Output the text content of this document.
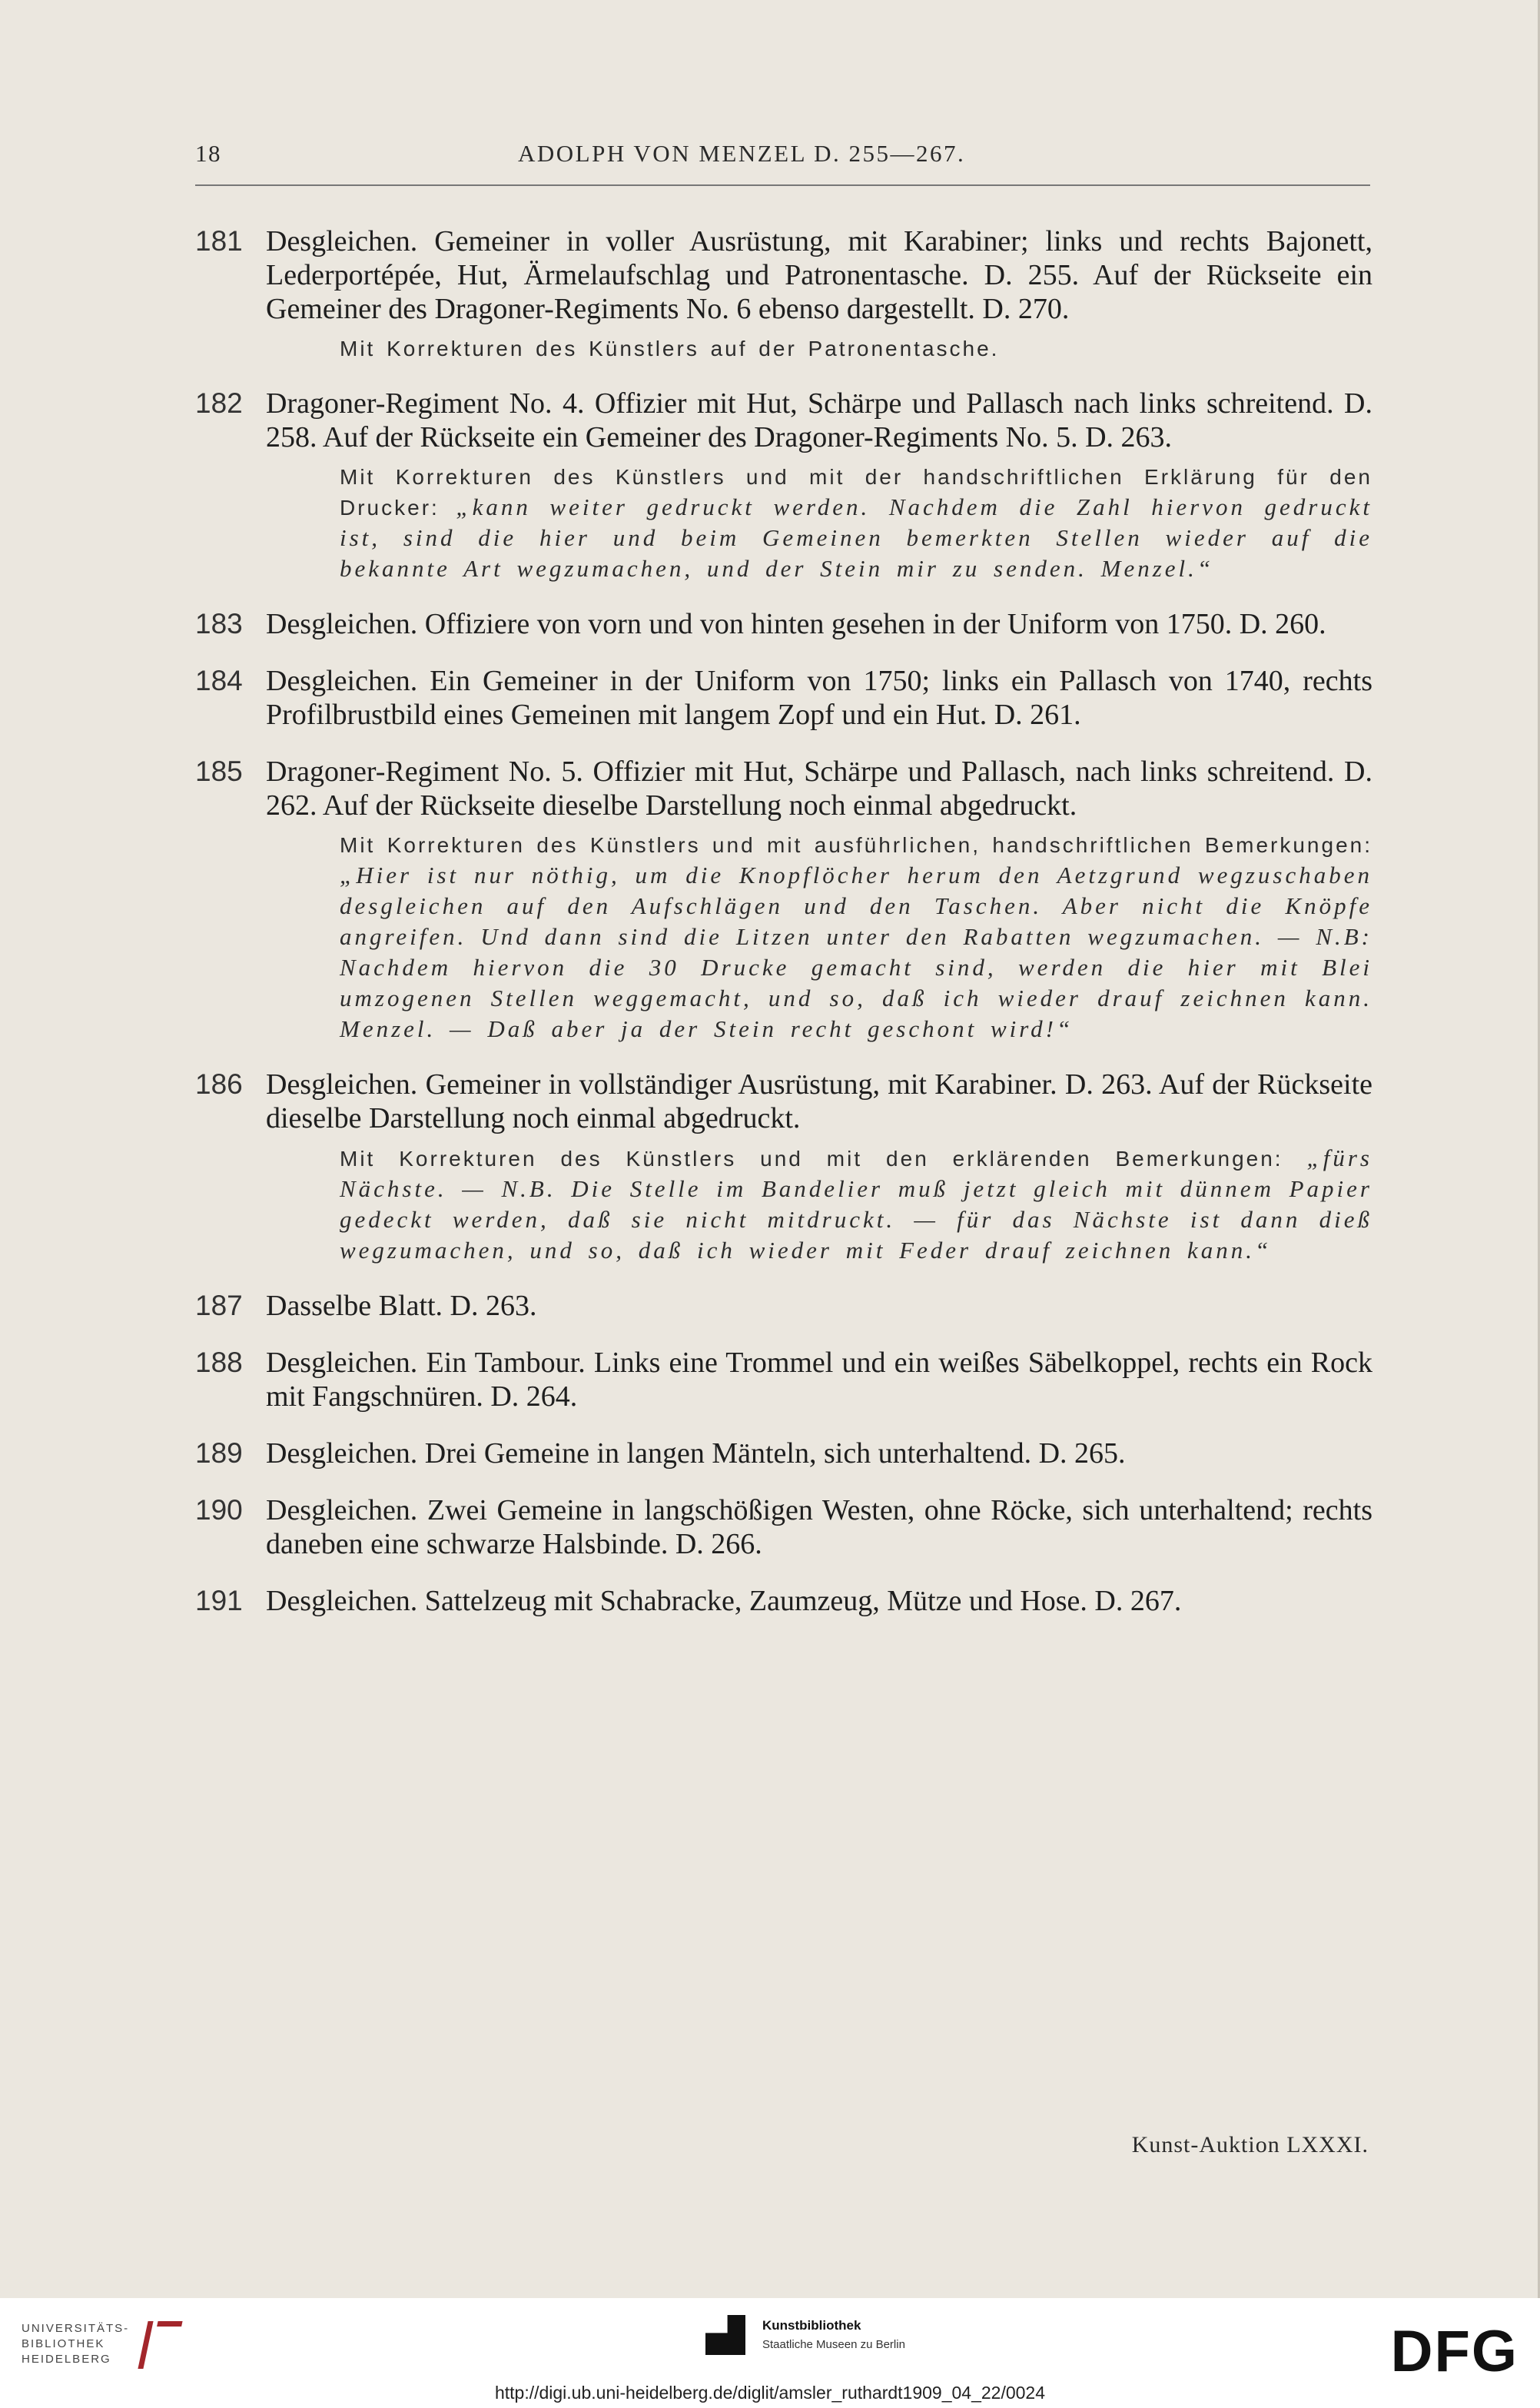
18	ADOLPH VON MENZEL D. 255—267.
181 Desgleichen. Gemeiner in voller Ausrüstung, mit Karabiner; links und rechts Bajonett, Lederportépée, Hut, Ärmelaufschlag und Patronentasche. D. 255. Auf der Rückseite ein Gemeiner des Dragoner-Regiments No. 6 ebenso dargestellt. D. 270.
Mit Korrekturen des Künstlers auf der Patronentasche.
182 Dragoner-Regiment No. 4. Offizier mit Hut, Schärpe und Pallasch nach links schreitend. D. 258. Auf der Rückseite ein Gemeiner des Dragoner-Regiments No. 5. D. 263.
Mit Korrekturen des Künstlers und mit der handschriftlichen Erklärung für den Drucker: „kann weiter gedruckt werden. Nachdem die Zahl hiervon gedruckt ist, sind die hier und beim Gemeinen bemerkten Stellen wieder auf die bekannte Art wegzumachen, und der Stein mir zu senden. Menzel.“
183 Desgleichen. Offiziere von vorn und von hinten gesehen in der Uniform von 1750. D. 260.
184 Desgleichen. Ein Gemeiner in der Uniform von 1750; links ein Pallasch von 1740, rechts Profilbrustbild eines Gemeinen mit langem Zopf und ein Hut. D. 261.
185 Dragoner-Regiment No. 5. Offizier mit Hut, Schärpe und Pallasch, nach links schreitend. D. 262. Auf der Rückseite dieselbe Darstellung noch einmal abgedruckt.
Mit Korrekturen des Künstlers und mit ausführlichen, handschriftlichen Bemerkungen: „Hier ist nur nöthig, um die Knopflöcher herum den Aetzgrund wegzuschaben desgleichen auf den Aufschlägen und den Taschen. Aber nicht die Knöpfe angreifen. Und dann sind die Litzen unter den Rabatten wegzumachen. — N.B: Nachdem hiervon die 30 Drucke gemacht sind, werden die hier mit Blei umzogenen Stellen weggemacht, und so, daß ich wieder drauf zeichnen kann. Menzel. — Daß aber ja der Stein recht geschont wird!“
186 Desgleichen. Gemeiner in vollständiger Ausrüstung, mit Karabiner. D. 263. Auf der Rückseite dieselbe Darstellung noch einmal abgedruckt.
Mit Korrekturen des Künstlers und mit den erklärenden Bemerkungen: „fürs Nächste. — N.B. Die Stelle im Bandelier muß jetzt gleich mit dünnem Papier gedeckt werden, daß sie nicht mitdruckt. — für das Nächste ist dann dieß wegzumachen, und so, daß ich wieder mit Feder drauf zeichnen kann.“
187 Dasselbe Blatt. D. 263.
188 Desgleichen. Ein Tambour. Links eine Trommel und ein weißes Säbelkoppel, rechts ein Rock mit Fangschnüren. D. 264.
189 Desgleichen. Drei Gemeine in langen Mänteln, sich unterhaltend. D. 265.
190 Desgleichen. Zwei Gemeine in langschößigen Westen, ohne Röcke, sich unterhaltend; rechts daneben eine schwarze Halsbinde. D. 266.
191 Desgleichen. Sattelzeug mit Schabracke, Zaumzeug, Mütze und Hose. D. 267.
Kunst-Auktion LXXXI.
UNIVERSITÄTS-
BIBLIOTHEK
HEIDELBERG
Kunstbibliothek
Staatliche Museen zu Berlin	DFG
http://digi.ub.uni-heidelberg.de/diglit/amsler_ruthardt1909_04_22/0024
